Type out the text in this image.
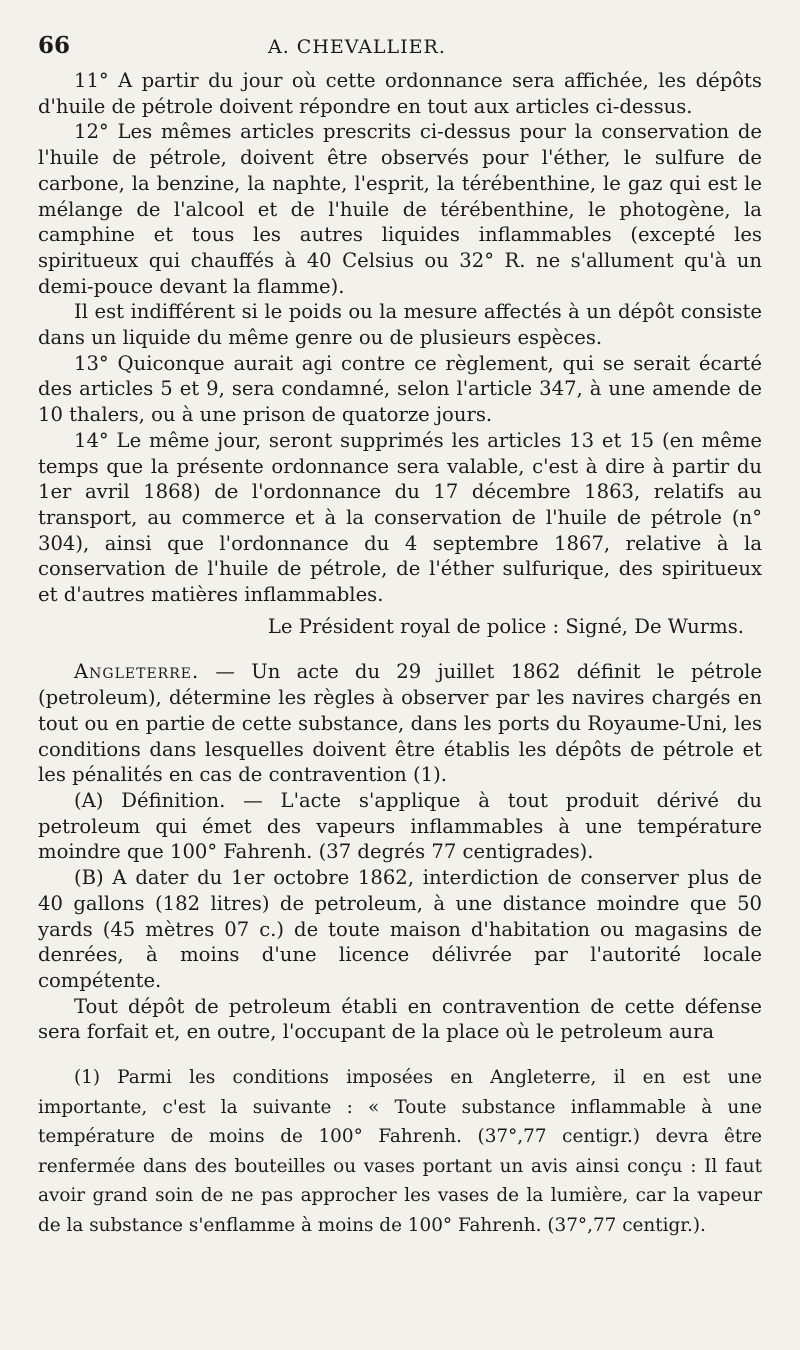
66	A. CHEVALLIER.

11° A partir du jour où cette ordonnance sera affichée, les dépôts d'huile de pétrole doivent répondre en tout aux articles ci-dessus.

12° Les mêmes articles prescrits ci-dessus pour la conservation de l'huile de pétrole, doivent être observés pour l'éther, le sulfure de carbone, la benzine, la naphte, l'esprit, la térébenthine, le gaz qui est le mélange de l'alcool et de l'huile de térébenthine, le photogène, la camphine et tous les autres liquides inflammables (excepté les spiritueux qui chauffés à 40 Celsius ou 32° R. ne s'allument qu'à un demi-pouce devant la flamme).

Il est indifférent si le poids ou la mesure affectés à un dépôt consiste dans un liquide du même genre ou de plusieurs espèces.

13° Quiconque aurait agi contre ce règlement, qui se serait écarté des articles 5 et 9, sera condamné, selon l'article 347, à une amende de 10 thalers, ou à une prison de quatorze jours.

14° Le même jour, seront supprimés les articles 13 et 15 (en même temps que la présente ordonnance sera valable, c'est à dire à partir du 1er avril 1868) de l'ordonnance du 17 décembre 1863, relatifs au transport, au commerce et à la conservation de l'huile de pétrole (n° 304), ainsi que l'ordonnance du 4 septembre 1867, relative à la conservation de l'huile de pétrole, de l'éther sulfurique, des spiritueux et d'autres matières inflammables.

Le Président royal de police : Signé, De Wurms.

Angleterre. — Un acte du 29 juillet 1862 définit le pétrole (petroleum), détermine les règles à observer par les navires chargés en tout ou en partie de cette substance, dans les ports du Royaume-Uni, les conditions dans lesquelles doivent être établis les dépôts de pétrole et les pénalités en cas de contravention (1).

(A) Définition. — L'acte s'applique à tout produit dérivé du petroleum qui émet des vapeurs inflammables à une température moindre que 100° Fahrenh. (37 degrés 77 centigrades).

(B) A dater du 1er octobre 1862, interdiction de conserver plus de 40 gallons (182 litres) de petroleum, à une distance moindre que 50 yards (45 mètres 07 c.) de toute maison d'habitation ou magasins de denrées, à moins d'une licence délivrée par l'autorité locale compétente.

Tout dépôt de petroleum établi en contravention de cette défense sera forfait et, en outre, l'occupant de la place où le petroleum aura

(1) Parmi les conditions imposées en Angleterre, il en est une importante, c'est la suivante : « Toute substance inflammable à une température de moins de 100° Fahrenh. (37°,77 centigr.) devra être renfermée dans des bouteilles ou vases portant un avis ainsi conçu : Il faut avoir grand soin de ne pas approcher les vases de la lumière, car la vapeur de la substance s'enflamme à moins de 100° Fahrenh. (37°,77 centigr.).
